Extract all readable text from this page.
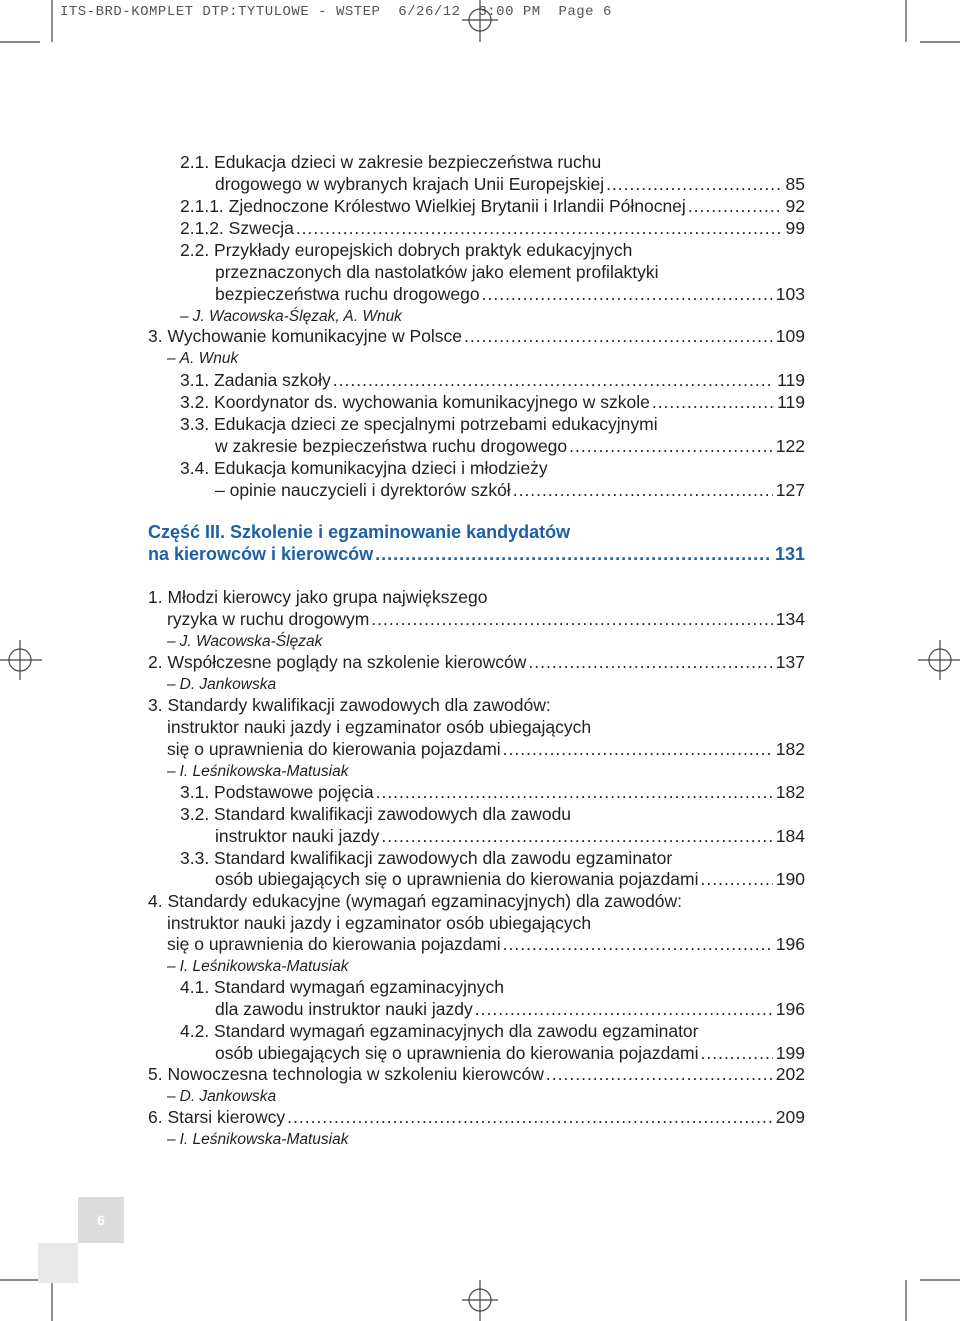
ITS-BRD-KOMPLET DTP:TYTULOWE - WSTEP  6/26/12  3:00 PM  Page 6
2.1. Edukacja dzieci w zakresie bezpieczeństwa ruchu
drogowego w wybranych krajach Unii Europejskiej .....	85
2.1.1. Zjednoczone Królestwo Wielkiej Brytanii i Irlandii Północnej .....	92
2.1.2. Szwecja .....	99
2.2. Przykłady europejskich dobrych praktyk edukacyjnych
przeznaczonych dla nastolatków jako element profilaktyki
bezpieczeństwa ruchu drogowego .....	103
– J. Wacowska-Ślęzak, A. Wnuk
3. Wychowanie komunikacyjne w Polsce .....	109
– A. Wnuk
3.1. Zadania szkoły .....	119
3.2. Koordynator ds. wychowania komunikacyjnego w szkole .....	119
3.3. Edukacja dzieci ze specjalnymi potrzebami edukacyjnymi
w zakresie bezpieczeństwa ruchu drogowego .....	122
3.4. Edukacja komunikacyjna dzieci i młodzieży
– opinie nauczycieli i dyrektorów szkół .....	127
Część III. Szkolenie i egzaminowanie kandydatów
na kierowców i kierowców .....	131
1. Młodzi kierowcy jako grupa największego
ryzyka w ruchu drogowym .....	134
– J. Wacowska-Ślęzak
2. Współczesne poglądy na szkolenie kierowców .....	137
– D. Jankowska
3. Standardy kwalifikacji zawodowych dla zawodów:
instruktor nauki jazdy i egzaminator osób ubiegających
się o uprawnienia do kierowania pojazdami .....	182
– I. Leśnikowska-Matusiak
3.1. Podstawowe pojęcia .....	182
3.2. Standard kwalifikacji zawodowych dla zawodu
instruktor nauki jazdy .....	184
3.3. Standard kwalifikacji zawodowych dla zawodu egzaminator
osób ubiegających się o uprawnienia do kierowania pojazdami .....	190
4. Standardy edukacyjne (wymagań egzaminacyjnych) dla zawodów:
instruktor nauki jazdy i egzaminator osób ubiegających
się o uprawnienia do kierowania pojazdami .....	196
– I. Leśnikowska-Matusiak
4.1. Standard wymagań egzaminacyjnych
dla zawodu instruktor nauki jazdy .....	196
4.2. Standard wymagań egzaminacyjnych dla zawodu egzaminator
osób ubiegających się o uprawnienia do kierowania pojazdami .....	199
5. Nowoczesna technologia w szkoleniu kierowców .....	202
– D. Jankowska
6. Starsi kierowcy .....	209
– I. Leśnikowska-Matusiak
6
